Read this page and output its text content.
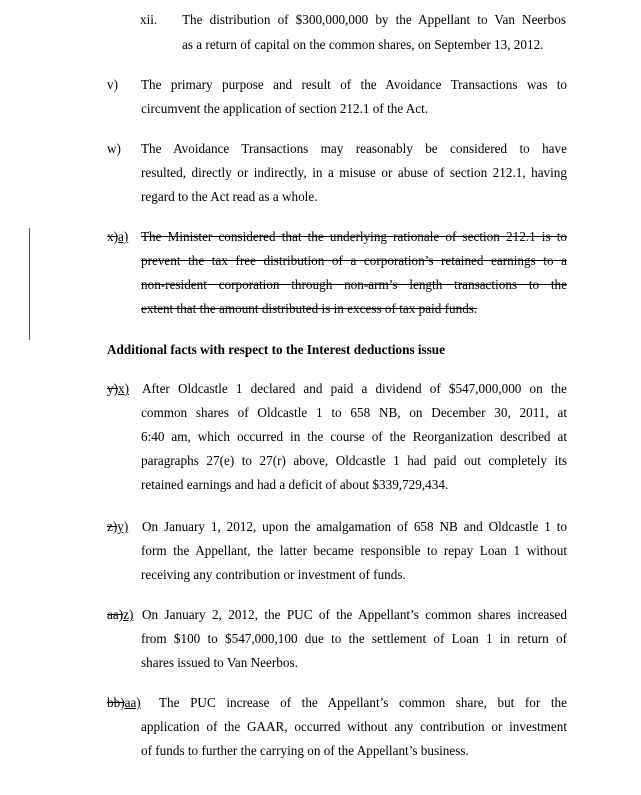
xii. The distribution of $300,000,000 by the Appellant to Van Neerbos
as a return of capital on the common shares, on September 13, 2012.
v) The primary purpose and result of the Avoidance Transactions was to
circumvent the application of section 212.1 of the Act.
w) The Avoidance Transactions may reasonably be considered to have
resulted, directly or indirectly, in a misuse or abuse of section 212.1, having
regard to the Act read as a whole.
x)a) The Minister considered that the underlying rationale of section 212.1 is to
prevent the tax free distribution of a corporation’s retained earnings to a
non-resident corporation through non-arm’s length transactions to the
extent that the amount distributed is in excess of tax paid funds.
Additional facts with respect to the Interest deductions issue
y)x) After Oldcastle 1 declared and paid a dividend of $547,000,000 on the
common shares of Oldcastle 1 to 658 NB, on December 30, 2011, at
6:40 am, which occurred in the course of the Reorganization described at
paragraphs 27(e) to 27(r) above, Oldcastle 1 had paid out completely its
retained earnings and had a deficit of about $339,729,434.
z)y) On January 1, 2012, upon the amalgamation of 658 NB and Oldcastle 1 to
form the Appellant, the latter became responsible to repay Loan 1 without
receiving any contribution or investment of funds.
aa)z) On January 2, 2012, the PUC of the Appellant’s common shares increased
from $100 to $547,000,100 due to the settlement of Loan 1 in return of
shares issued to Van Neerbos.
bb)aa) The PUC increase of the Appellant’s common share, but for the
application of the GAAR, occurred without any contribution or investment
of funds to further the carrying on of the Appellant’s business.
